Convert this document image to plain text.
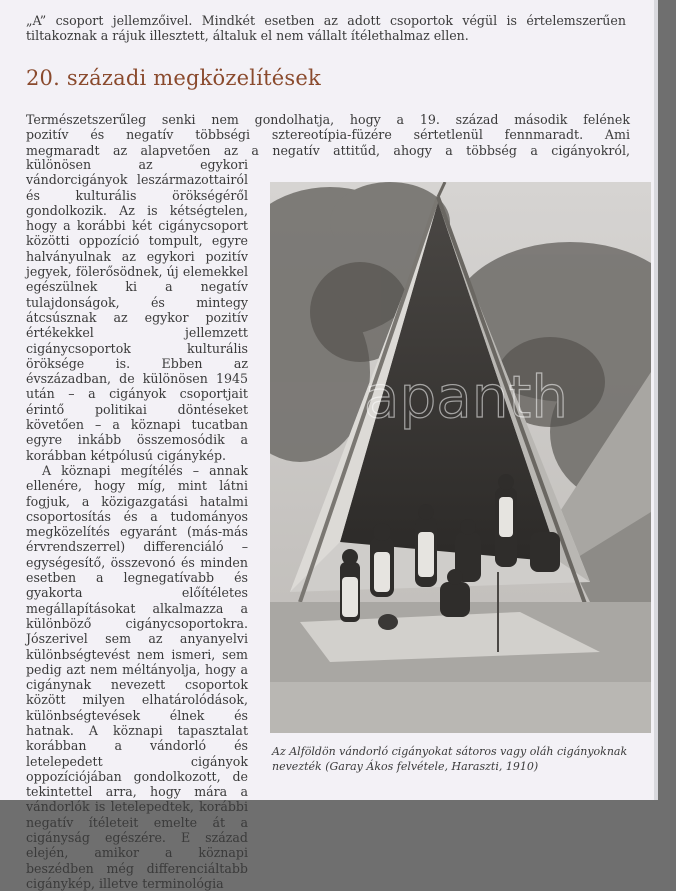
„A” csoport jellemzőivel. Mindkét esetben az adott csoportok végül is értelemszerűen tiltakoznak a rájuk illesztett, általuk el nem vállalt ítélethalmaz ellen.
20. századi megközelítések
Természetszerűleg senki nem gondolhatja, hogy a 19. század második felének
pozitív és negatív többségi sztereotípia-füzére sértetlenül fennmaradt. Ami
megmaradt az alapvetően az a negatív attitűd, ahogy a többség a cigányokról,

különösen az egykori vándorcigányok leszármazottairól és kulturális örökségéről gondolkozik. Az is kétségtelen, hogy a korábbi két cigánycsoport közötti oppozíció tompult, egyre halványulnak az egykori pozitív jegyek, fölerősödnek, új elemekkel egészülnek ki a negatív tulajdonságok, és mintegy átcsúsznak az egykor pozitív értékekkel jellemzett cigánycsoportok kulturális öröksége is. Ebben az évszázadban, de különösen 1945 után – a cigányok csoportjait érintő politikai döntéseket követően – a köznapi tucatban egyre inkább összemosódik a korábban kétpólusú cigánykép.

A köznapi megítélés – annak ellenére, hogy míg, mint látni fogjuk, a közigazgatási hatalmi csoportosítás és a tudományos megközelítés egyaránt (más-más érvrendszerrel) differenciáló – egységesítő, összevonó és minden esetben a legnegatívabb és gyakorta előítéletes megállapításokat alkalmazza a különböző cigánycsoportokra. Jószerivel sem az anyanyelvi különbségtevést nem ismeri, sem pedig azt nem méltányolja, hogy a cigánynak nevezett csoportok között milyen elhatárolódások, különbségtevések élnek és hatnak. A köznapi tapasztalat korábban a vándorló és letelepedett cigányok oppozíciójában gondolkozott, de tekintettel arra, hogy mára a vándorlók is letelepedtek, korábbi negatív ítéleteit emelte át a cigányság egészére. E század elején, amikor a köznapi beszédben még differenciáltabb cigánykép, illetve terminológia

apanth
Az Alföldön vándorló cigányokat sátoros vagy oláh cigányoknak nevezték (Garay Ákos felvétele, Haraszti, 1910)
